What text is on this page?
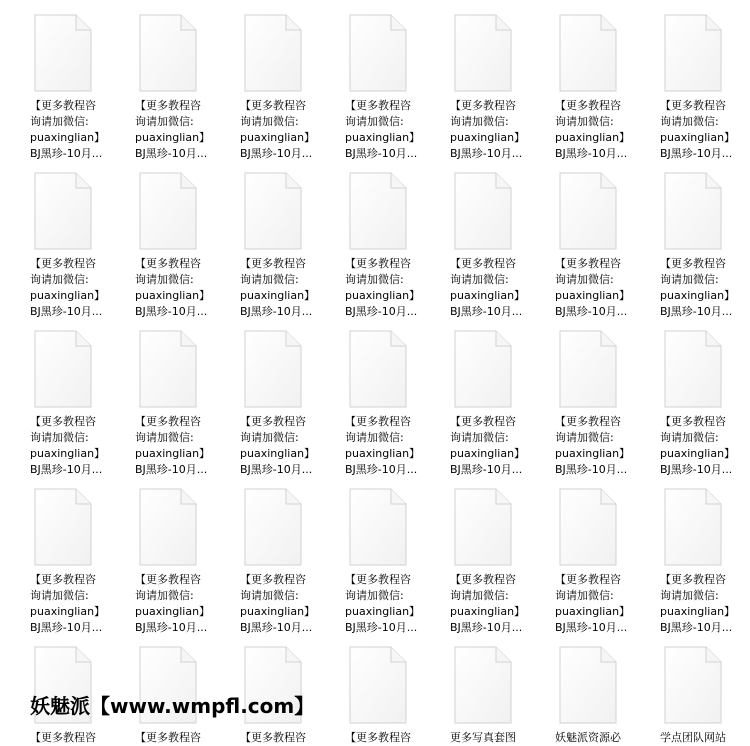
【更多教程咨
询请加微信:
puaxinglian】
BJ黑珍-10月...
【更多教程咨
询请加微信:
puaxinglian】
BJ黑珍-10月...
【更多教程咨
询请加微信:
puaxinglian】
BJ黑珍-10月...
【更多教程咨
询请加微信:
puaxinglian】
BJ黑珍-10月...
【更多教程咨
询请加微信:
puaxinglian】
BJ黑珍-10月...
【更多教程咨
询请加微信:
puaxinglian】
BJ黑珍-10月...
【更多教程咨
询请加微信:
puaxinglian】
BJ黑珍-10月...
【更多教程咨
询请加微信:
puaxinglian】
BJ黑珍-10月...
【更多教程咨
询请加微信:
puaxinglian】
BJ黑珍-10月...
【更多教程咨
询请加微信:
puaxinglian】
BJ黑珍-10月...
【更多教程咨
询请加微信:
puaxinglian】
BJ黑珍-10月...
【更多教程咨
询请加微信:
puaxinglian】
BJ黑珍-10月...
【更多教程咨
询请加微信:
puaxinglian】
BJ黑珍-10月...
【更多教程咨
询请加微信:
puaxinglian】
BJ黑珍-10月...
【更多教程咨
询请加微信:
puaxinglian】
BJ黑珍-10月...
【更多教程咨
询请加微信:
puaxinglian】
BJ黑珍-10月...
【更多教程咨
询请加微信:
puaxinglian】
BJ黑珍-10月...
【更多教程咨
询请加微信:
puaxinglian】
BJ黑珍-10月...
【更多教程咨
询请加微信:
puaxinglian】
BJ黑珍-10月...
【更多教程咨
询请加微信:
puaxinglian】
BJ黑珍-10月...
【更多教程咨
询请加微信:
puaxinglian】
BJ黑珍-10月...
【更多教程咨
询请加微信:
puaxinglian】
BJ黑珍-10月...
【更多教程咨
询请加微信:
puaxinglian】
BJ黑珍-10月...
【更多教程咨
询请加微信:
puaxinglian】
BJ黑珍-10月...
【更多教程咨
询请加微信:
puaxinglian】
BJ黑珍-10月...
【更多教程咨
询请加微信:
puaxinglian】
BJ黑珍-10月...
【更多教程咨
询请加微信:
puaxinglian】
BJ黑珍-10月...
【更多教程咨
询请加微信:
puaxinglian】
BJ黑珍-10月...
【更多教程咨	【更多教程咨	【更多教程咨	【更多教程咨	更多写真套图	妖魅派资源必	学点团队网站
妖魅派【www.wmpfl.com】
